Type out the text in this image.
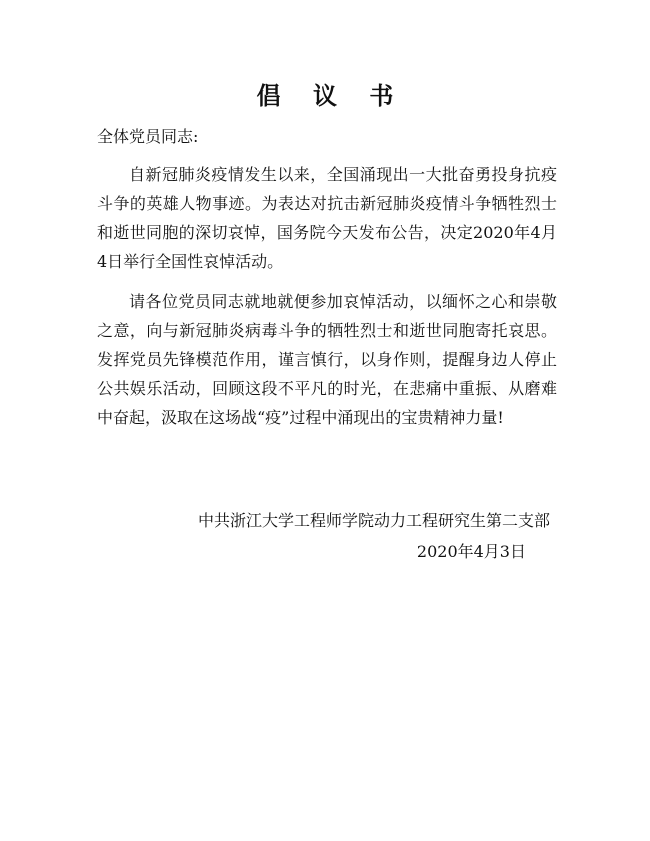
倡 议 书
全体党员同志:

自新冠肺炎疫情发生以来，全国涌现出一大批奋勇投身抗疫斗争的英雄人物事迹。为表达对抗击新冠肺炎疫情斗争牺牲烈士和逝世同胞的深切哀悼，国务院今天发布公告，决定2020年4月4日举行全国性哀悼活动。

请各位党员同志就地就便参加哀悼活动，以缅怀之心和崇敬之意，向与新冠肺炎病毒斗争的牺牲烈士和逝世同胞寄托哀思。发挥党员先锋模范作用，谨言慎行，以身作则，提醒身边人停止公共娱乐活动，回顾这段不平凡的时光，在悲痛中重振、从磨难中奋起，汲取在这场战“疫”过程中涌现出的宝贵精神力量!

中共浙江大学工程师学院动力工程研究生第二支部
2020年4月3日
